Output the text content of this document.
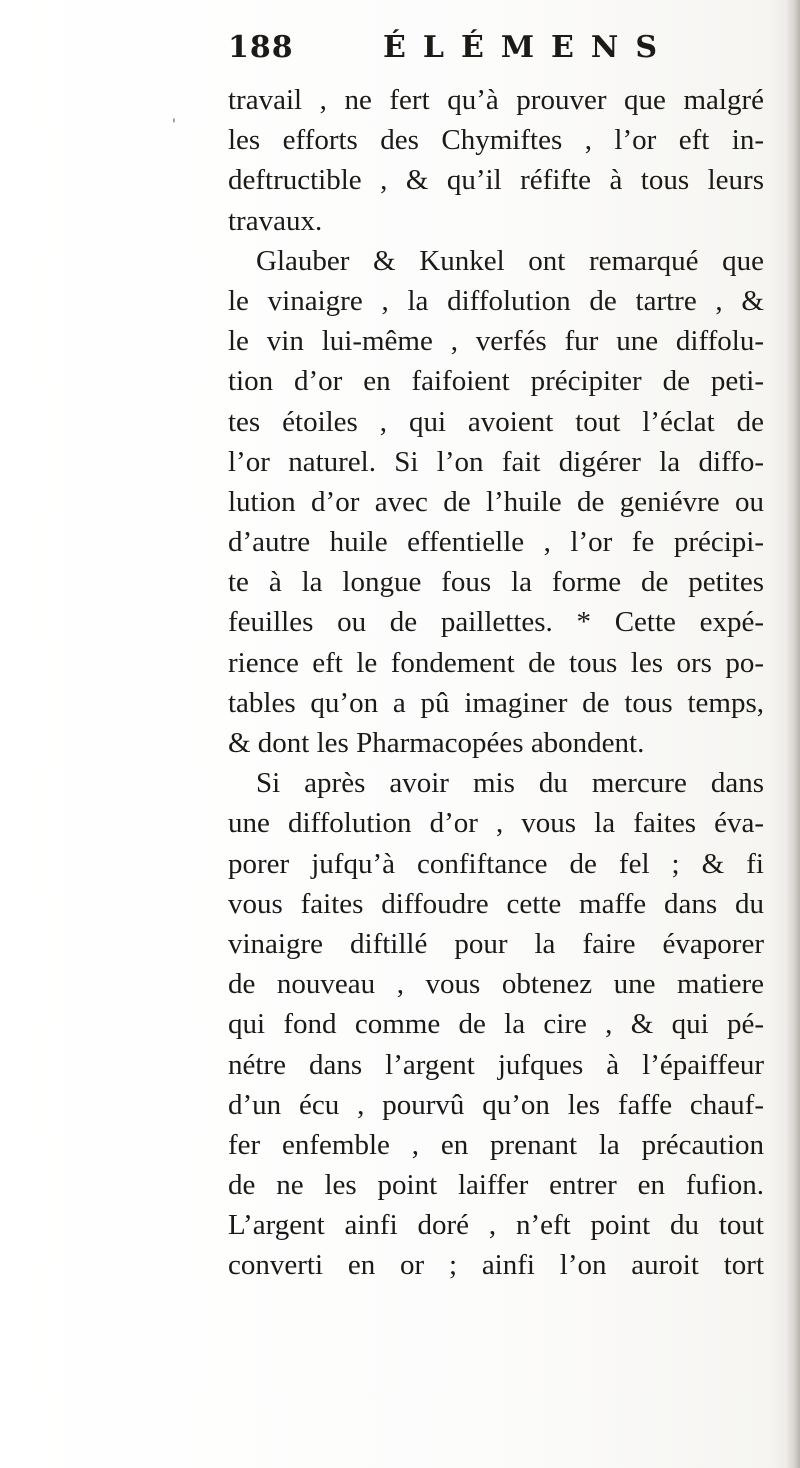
188	ÉLÉMENS
'
travail , ne fert qu’à prouver que malgré
les efforts des Chymiftes , l’or eft in-
deftructible , & qu’il réfifte à tous leurs
travaux.
Glauber & Kunkel ont remarqué que
le vinaigre , la diffolution de tartre , &
le vin lui-même , verfés fur une diffolu-
tion d’or en faifoient précipiter de peti-
tes étoiles , qui avoient tout l’éclat de
l’or naturel. Si l’on fait digérer la diffo-
lution d’or avec de l’huile de geniévre ou
d’autre huile effentielle , l’or fe précipi-
te à la longue fous la forme de petites
feuilles ou de paillettes. * Cette expé-
rience eft le fondement de tous les ors po-
tables qu’on a pû imaginer de tous temps,
& dont les Pharmacopées abondent.
Si après avoir mis du mercure dans
une diffolution d’or , vous la faites éva-
porer jufqu’à confiftance de fel ; & fi
vous faites diffoudre cette maffe dans du
vinaigre diftillé pour la faire évaporer
de nouveau , vous obtenez une matiere
qui fond comme de la cire , & qui pé-
nétre dans l’argent jufques à l’épaiffeur
d’un écu , pourvû qu’on les faffe chauf-
fer enfemble , en prenant la précaution
de ne les point laiffer entrer en fufion.
L’argent ainfi doré , n’eft point du tout
converti en or ; ainfi l’on auroit tort
